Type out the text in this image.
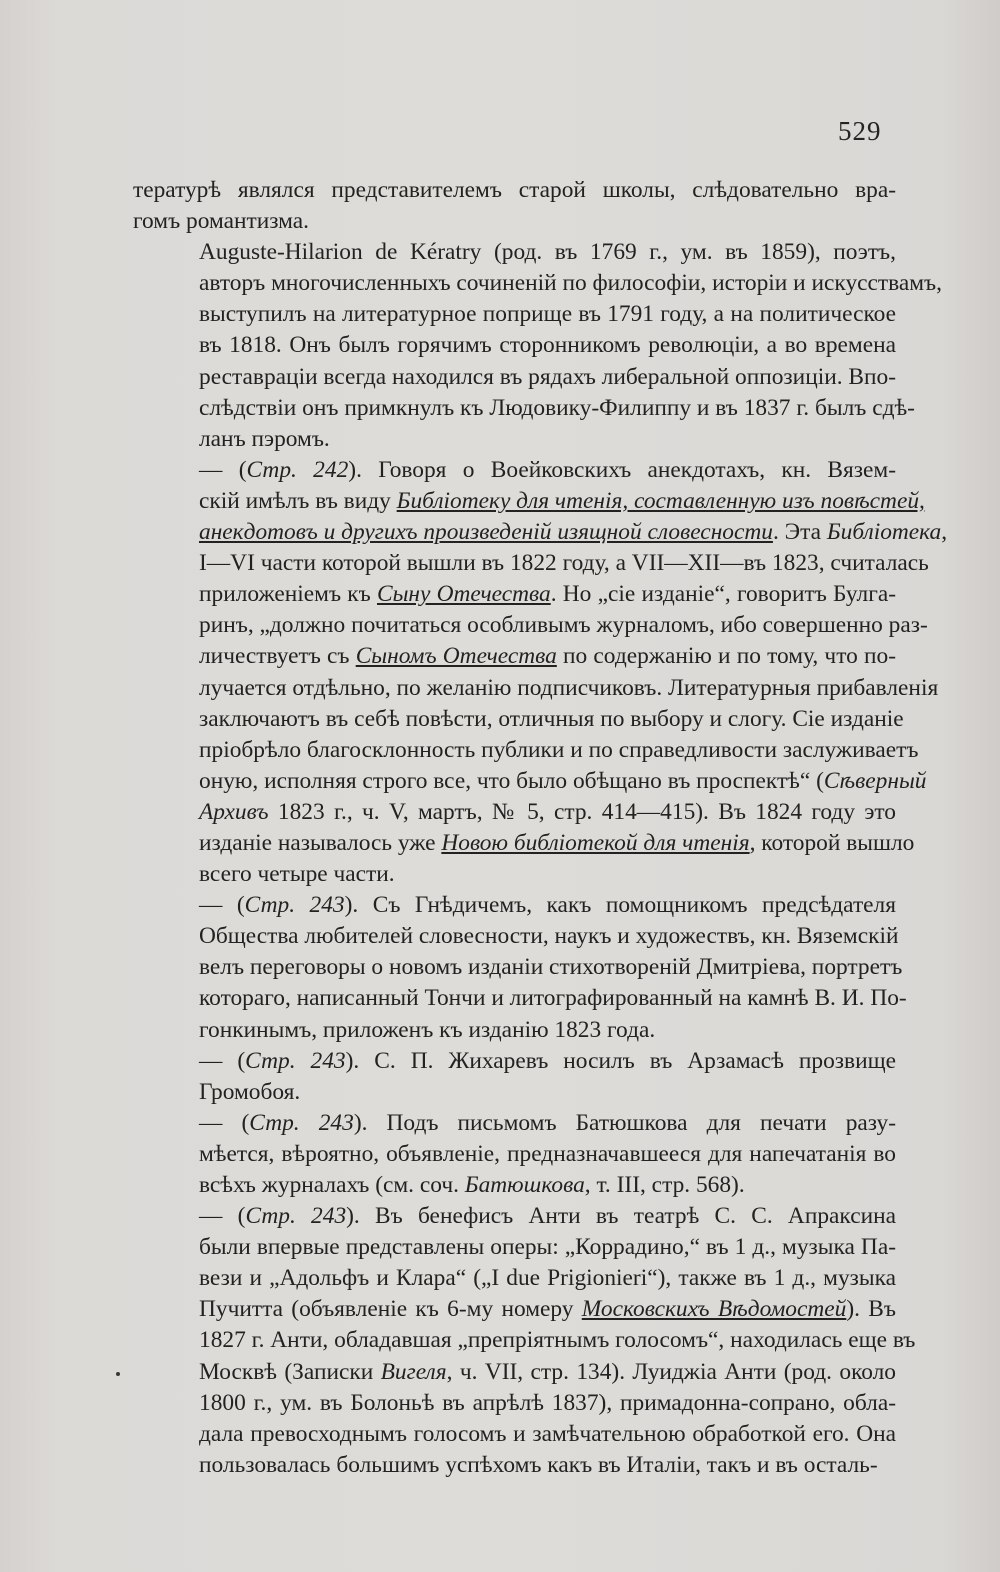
529

тературѣ являлся представителемъ старой школы, слѣдовательно вра-
гомъ романтизма.

Auguste-Hilarion de Kératry (род. въ 1769 г., ум. въ 1859), поэтъ,
авторъ многочисленныхъ сочиненій по философіи, исторіи и искусствамъ,
выступилъ на литературное поприще въ 1791 году, а на политическое
въ 1818. Онъ былъ горячимъ сторонникомъ революціи, а во времена
реставраціи всегда находился въ рядахъ либеральной оппозиціи. Впо-
слѣдствіи онъ примкнулъ къ Людовику-Филиппу и въ 1837 г. былъ сдѣ-
ланъ пэромъ.

— (Стр. 242). Говоря о Воейковскихъ анекдотахъ, кн. Вязем-
скій имѣлъ въ виду Библіотеку для чтенія, составленную изъ повѣстей,
анекдотовъ и другихъ произведеній изящной словесности. Эта Библіотека,
I—VI части которой вышли въ 1822 году, а VII—XII—въ 1823, считалась
приложеніемъ къ Сыну Отечества. Но „сіе изданіе“, говоритъ Булга-
ринъ, „должно почитаться особливымъ журналомъ, ибо совершенно раз-
личествуетъ съ Сыномъ Отечества по содержанію и по тому, что по-
лучается отдѣльно, по желанію подписчиковъ. Литературныя прибавленія
заключаютъ въ себѣ повѣсти, отличныя по выбору и слогу. Сіе изданіе
пріобрѣло благосклонность публики и по справедливости заслуживаетъ
оную, исполняя строго все, что было обѣщано въ проспектѣ“ (Сѣверный
Архивъ 1823 г., ч. V, мартъ, № 5, стр. 414—415). Въ 1824 году это
изданіе называлось уже Новою библіотекой для чтенія, которой вышло
всего четыре части.

— (Стр. 243). Съ Гнѣдичемъ, какъ помощникомъ предсѣдателя
Общества любителей словесности, наукъ и художествъ, кн. Вяземскій
велъ переговоры о новомъ изданіи стихотвореній Дмитріева, портретъ
котораго, написанный Тончи и литографированный на камнѣ В. И. По-
гонкинымъ, приложенъ къ изданію 1823 года.

— (Стр. 243). С. П. Жихаревъ носилъ въ Арзамасѣ прозвище
Громобоя.

— (Стр. 243). Подъ письмомъ Батюшкова для печати разу-
мѣется, вѣроятно, объявленіе, предназначавшееся для напечатанія во
всѣхъ журналахъ (см. соч. Батюшкова, т. III, стр. 568).

— (Стр. 243). Въ бенефисъ Анти въ театрѣ С. С. Апраксина
были впервые представлены оперы: „Коррадино,“ въ 1 д., музыка Па-
вези и „Адольфъ и Клара“ („I due Prigionieri“), также въ 1 д., музыка
Пучитта (объявленіе къ 6-му номеру Московскихъ Вѣдомостей). Въ
1827 г. Анти, обладавшая „препріятнымъ голосомъ“, находилась еще въ
Москвѣ (Записки Вигеля, ч. VII, стр. 134). Луиджіа Анти (род. около
1800 г., ум. въ Болоньѣ въ апрѣлѣ 1837), примадонна-сопрано, обла-
дала превосходнымъ голосомъ и замѣчательною обработкой его. Она
пользовалась большимъ успѣхомъ какъ въ Италіи, такъ и въ осталь-
